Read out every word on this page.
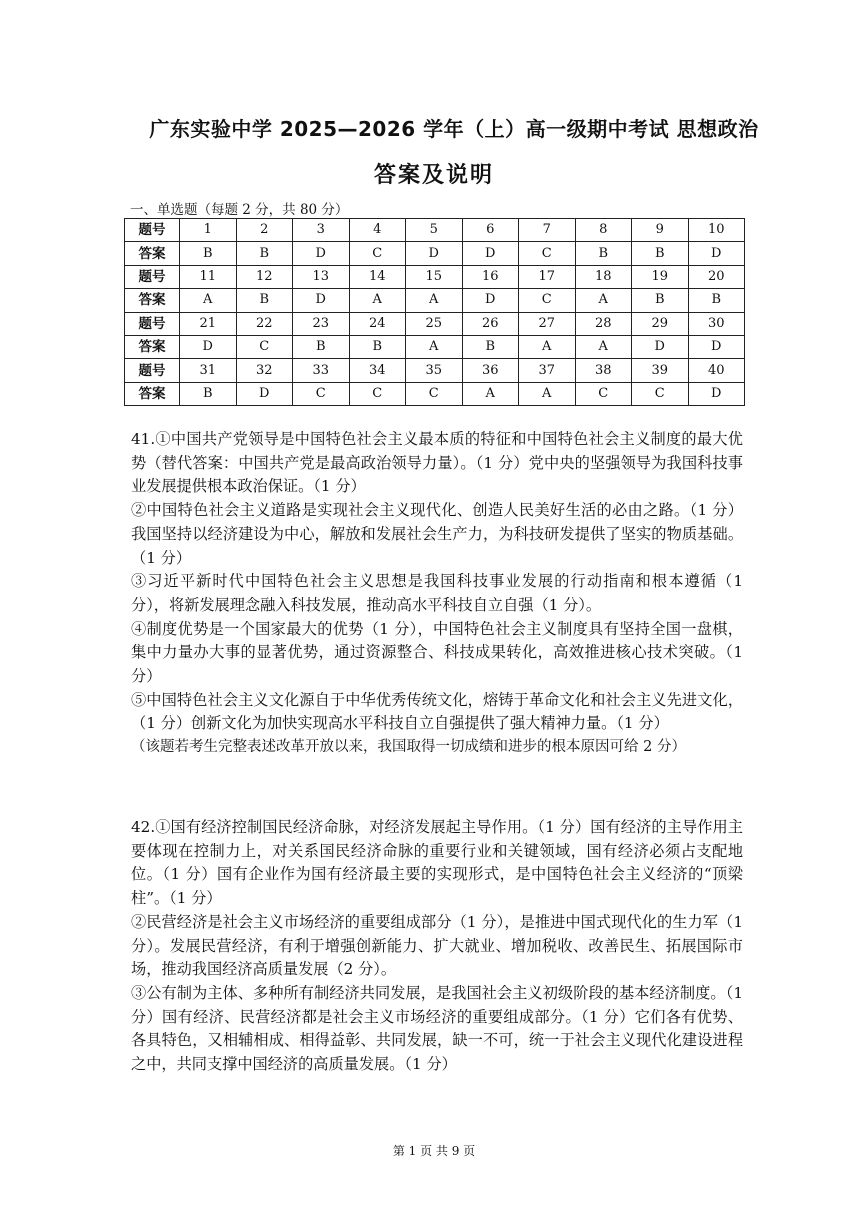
广东实验中学 2025—2026 学年（上）高一级期中考试 思想政治
答案及说明
一、单选题（每题 2 分，共 80 分）
题号	1	2	3	4	5	6	7	8	9	10
答案	B	B	D	C	D	D	C	B	B	D
题号	11	12	13	14	15	16	17	18	19	20
答案	A	B	D	A	A	D	C	A	B	B
题号	21	22	23	24	25	26	27	28	29	30
答案	D	C	B	B	A	B	A	A	D	D
题号	31	32	33	34	35	36	37	38	39	40
答案	B	D	C	C	C	A	A	C	C	D

41.①中国共产党领导是中国特色社会主义最本质的特征和中国特色社会主义制度的最大优势（替代答案：中国共产党是最高政治领导力量）。（1 分）党中央的坚强领导为我国科技事业发展提供根本政治保证。（1 分）

②中国特色社会主义道路是实现社会主义现代化、创造人民美好生活的必由之路。（1 分）我国坚持以经济建设为中心，解放和发展社会生产力，为科技研发提供了坚实的物质基础。（1 分）

③习近平新时代中国特色社会主义思想是我国科技事业发展的行动指南和根本遵循（1 分），将新发展理念融入科技发展，推动高水平科技自立自强（1 分）。

④制度优势是一个国家最大的优势（1 分），中国特色社会主义制度具有坚持全国一盘棋，集中力量办大事的显著优势，通过资源整合、科技成果转化，高效推进核心技术突破。（1 分）

⑤中国特色社会主义文化源自于中华优秀传统文化，熔铸于革命文化和社会主义先进文化，（1 分）创新文化为加快实现高水平科技自立自强提供了强大精神力量。（1 分）

（该题若考生完整表述改革开放以来，我国取得一切成绩和进步的根本原因可给 2 分）

42.①国有经济控制国民经济命脉，对经济发展起主导作用。（1 分）国有经济的主导作用主要体现在控制力上，对关系国民经济命脉的重要行业和关键领域，国有经济必须占支配地位。（1 分）国有企业作为国有经济最主要的实现形式，是中国特色社会主义经济的“顶梁柱”。（1 分）

②民营经济是社会主义市场经济的重要组成部分（1 分），是推进中国式现代化的生力军（1 分）。发展民营经济，有利于增强创新能力、扩大就业、增加税收、改善民生、拓展国际市场，推动我国经济高质量发展（2 分）。

③公有制为主体、多种所有制经济共同发展，是我国社会主义初级阶段的基本经济制度。（1 分）国有经济、民营经济都是社会主义市场经济的重要组成部分。（1 分）它们各有优势、各具特色，又相辅相成、相得益彰、共同发展，缺一不可，统一于社会主义现代化建设进程之中，共同支撑中国经济的高质量发展。（1 分）

第 1 页 共 9 页
